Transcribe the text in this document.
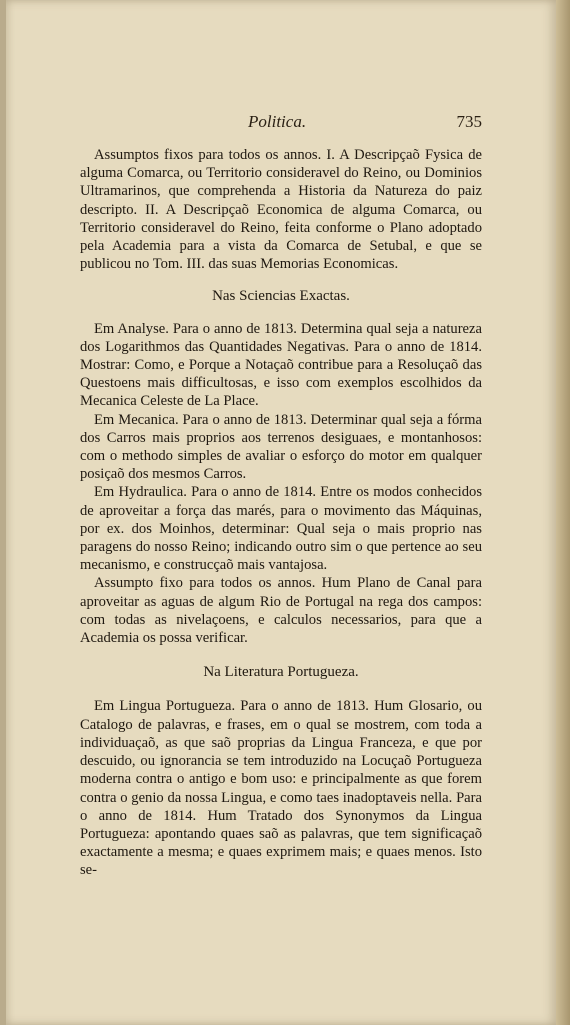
Politica.	735

Assumptos fixos para todos os annos. I. A Descripçaõ Fysica de alguma Comarca, ou Territorio consideravel do Reino, ou Dominios Ultramarinos, que comprehenda a Historia da Natureza do paiz descripto. II. A Descripçaõ Economica de alguma Comarca, ou Territorio consideravel do Reino, feita conforme o Plano adoptado pela Academia para a vista da Comarca de Setubal, e que se publicou no Tom. III. das suas Memorias Economicas.

Nas Sciencias Exactas.

Em Analyse. Para o anno de 1813. Determina qual seja a natureza dos Logarithmos das Quantidades Negativas. Para o anno de 1814. Mostrar: Como, e Porque a Notaçaõ contribue para a Resoluçaõ das Questoens mais difficultosas, e isso com exemplos escolhidos da Mecanica Celeste de La Place.

Em Mecanica. Para o anno de 1813. Determinar qual seja a fórma dos Carros mais proprios aos terrenos desiguaes, e montanhosos: com o methodo simples de avaliar o esforço do motor em qualquer posiçaõ dos mesmos Carros.

Em Hydraulica. Para o anno de 1814. Entre os modos conhecidos de aproveitar a força das marés, para o movimento das Máquinas, por ex. dos Moinhos, determinar: Qual seja o mais proprio nas paragens do nosso Reino; indicando outro sim o que pertence ao seu mecanismo, e construcçaõ mais vantajosa.

Assumpto fixo para todos os annos. Hum Plano de Canal para aproveitar as aguas de algum Rio de Portugal na rega dos campos: com todas as nivelaçoens, e calculos necessarios, para que a Academia os possa verificar.

Na Literatura Portugueza.

Em Lingua Portugueza. Para o anno de 1813. Hum Glosario, ou Catalogo de palavras, e frases, em o qual se mostrem, com toda a individuaçaõ, as que saõ proprias da Lingua Franceza, e que por descuido, ou ignorancia se tem introduzido na Locuçaõ Portugueza moderna contra o antigo e bom uso: e principalmente as que forem contra o genio da nossa Lingua, e como taes inadoptaveis nella. Para o anno de 1814. Hum Tratado dos Synonymos da Lingua Portugueza: apontando quaes saõ as palavras, que tem significaçaõ exactamente a mesma; e quaes exprimem mais; e quaes menos. Isto se-
